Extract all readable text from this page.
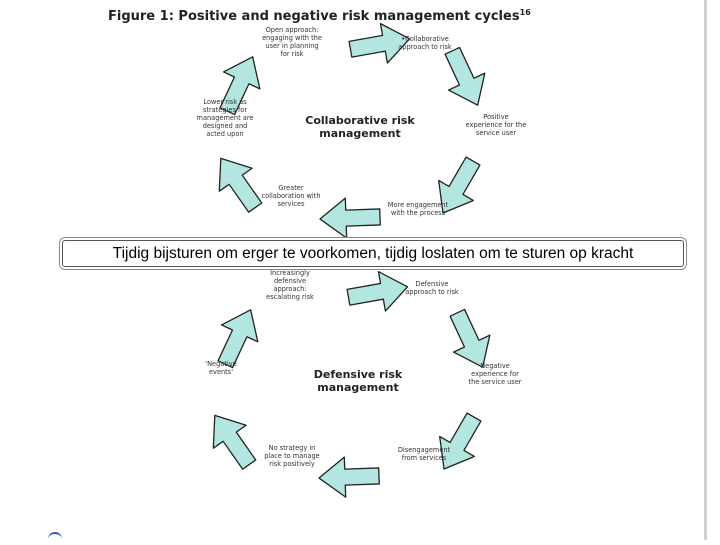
Figure 1: Positive and negative risk management cycles$^{16}$
Collaborative risk management
•Collaborative approach to risk
Positive experience for the service user
More engagement with the process
Greater collaboration with services
Lower risk as strategies for management are designed and acted upon
Open approach: engaging with the user in planning for risk
Defensive risk management
Defensive approach to risk
Negative experience for the service user
Disengagement from services
No strategy in place to manage risk positively
'Negative events'
Increasingly defensive approach: escalating risk
Tijdig bijsturen om erger te voorkomen, tijdig loslaten om te sturen op kracht
